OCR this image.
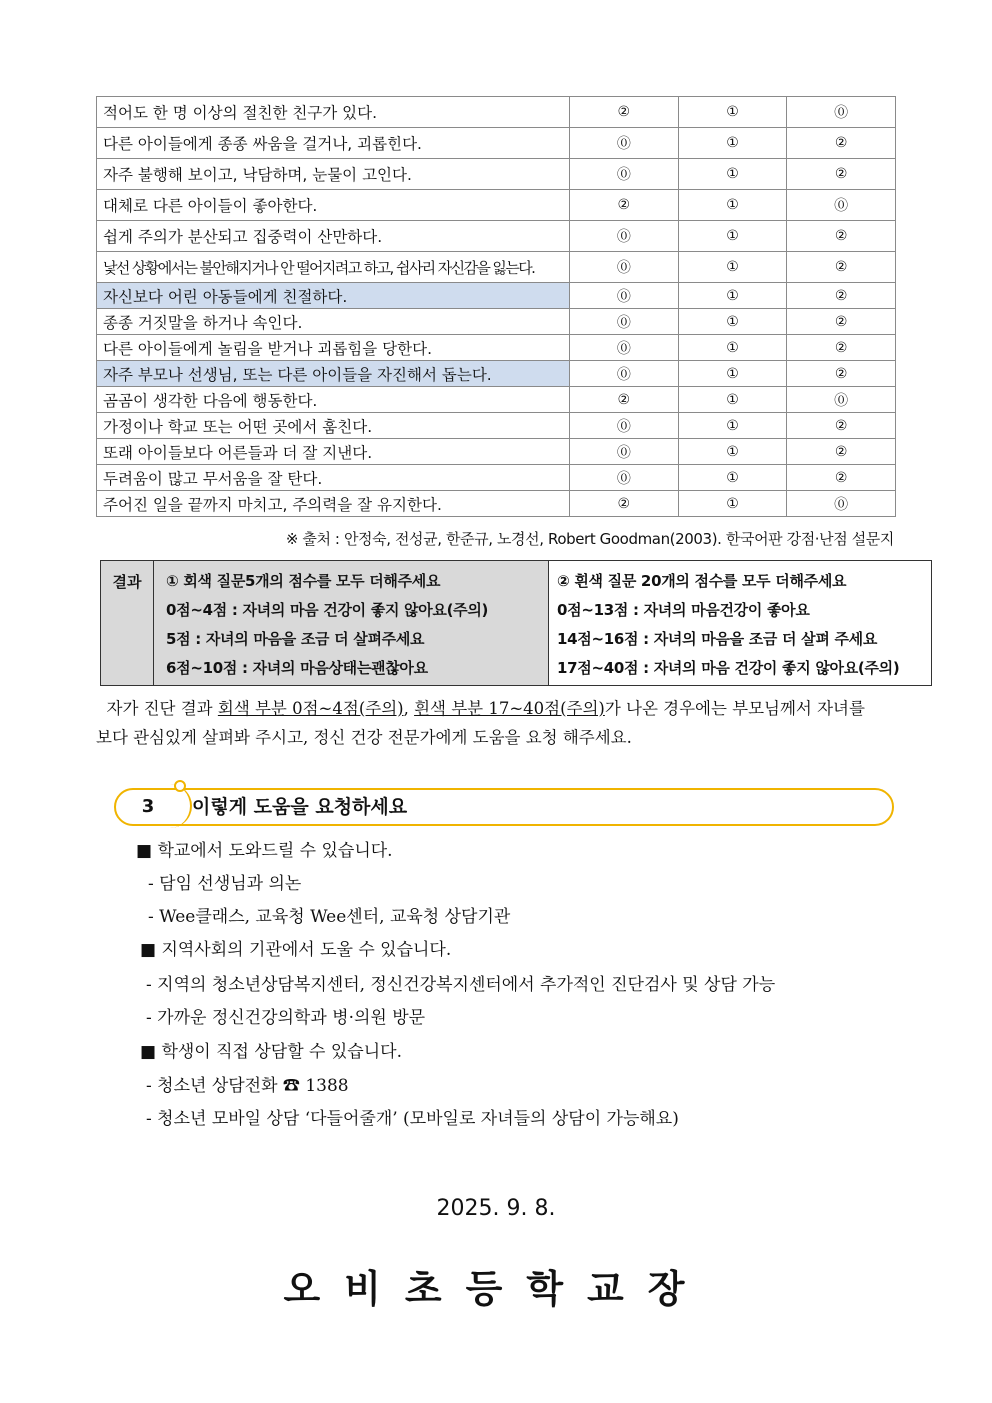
적어도 한 명 이상의 절친한 친구가 있다.	②	①	⓪
다른 아이들에게 종종 싸움을 걸거나, 괴롭힌다.	⓪	①	②
자주 불행해 보이고, 낙담하며, 눈물이 고인다.	⓪	①	②
대체로 다른 아이들이 좋아한다.	②	①	⓪
쉽게 주의가 분산되고 집중력이 산만하다.	⓪	①	②
낯선 상황에서는 불안해지거나 안 떨어지려고 하고, 쉽사리 자신감을 잃는다.	⓪	①	②
자신보다 어린 아동들에게 친절하다.	⓪	①	②
종종 거짓말을 하거나 속인다.	⓪	①	②
다른 아이들에게 놀림을 받거나 괴롭힘을 당한다.	⓪	①	②
자주 부모나 선생님, 또는 다른 아이들을 자진해서 돕는다.	⓪	①	②
곰곰이 생각한 다음에 행동한다.	②	①	⓪
가정이나 학교 또는 어떤 곳에서 훔친다.	⓪	①	②
또래 아이들보다 어른들과 더 잘 지낸다.	⓪	①	②
두려움이 많고 무서움을 잘 탄다.	⓪	①	②
주어진 일을 끝까지 마치고, 주의력을 잘 유지한다.	②	①	⓪
※ 출처 : 안정숙, 전성균, 한준규, 노경선, Robert Goodman(2003). 한국어판 강점·난점 설문지
결과	① 회색 질문5개의 점수를 모두 더해주세요
0점~4점 : 자녀의 마음 건강이 좋지 않아요(주의)
5점 : 자녀의 마음을 조금 더 살펴주세요
6점~10점 : 자녀의 마음상태는괜찮아요

② 흰색 질문 20개의 점수를 모두 더해주세요
0점~13점 : 자녀의 마음건강이 좋아요
14점~16점 : 자녀의 마음을 조금 더 살펴 주세요
17점~40점 : 자녀의 마음 건강이 좋지 않아요(주의)
자가 진단 결과 회색 부분 0점~4점(주의), 흰색 부분 17~40점(주의)가 나온 경우에는 부모님께서 자녀를
보다 관심있게 살펴봐 주시고, 정신 건강 전문가에게 도움을 요청 해주세요.
3	이렇게 도움을 요청하세요
■ 학교에서 도와드릴 수 있습니다.
- 담임 선생님과 의논
- Wee클래스, 교육청 Wee센터, 교육청 상담기관
■ 지역사회의 기관에서 도울 수 있습니다.
- 지역의 청소년상담복지센터, 정신건강복지센터에서 추가적인 진단검사 및 상담 가능
- 가까운 정신건강의학과 병·의원 방문
■ 학생이 직접 상담할 수 있습니다.
- 청소년 상담전화 ☎ 1388
- 청소년 모바일 상담 ‘다들어줄개’ (모바일로 자녀들의 상담이 가능해요)
2025. 9. 8.
오비초등학교장
